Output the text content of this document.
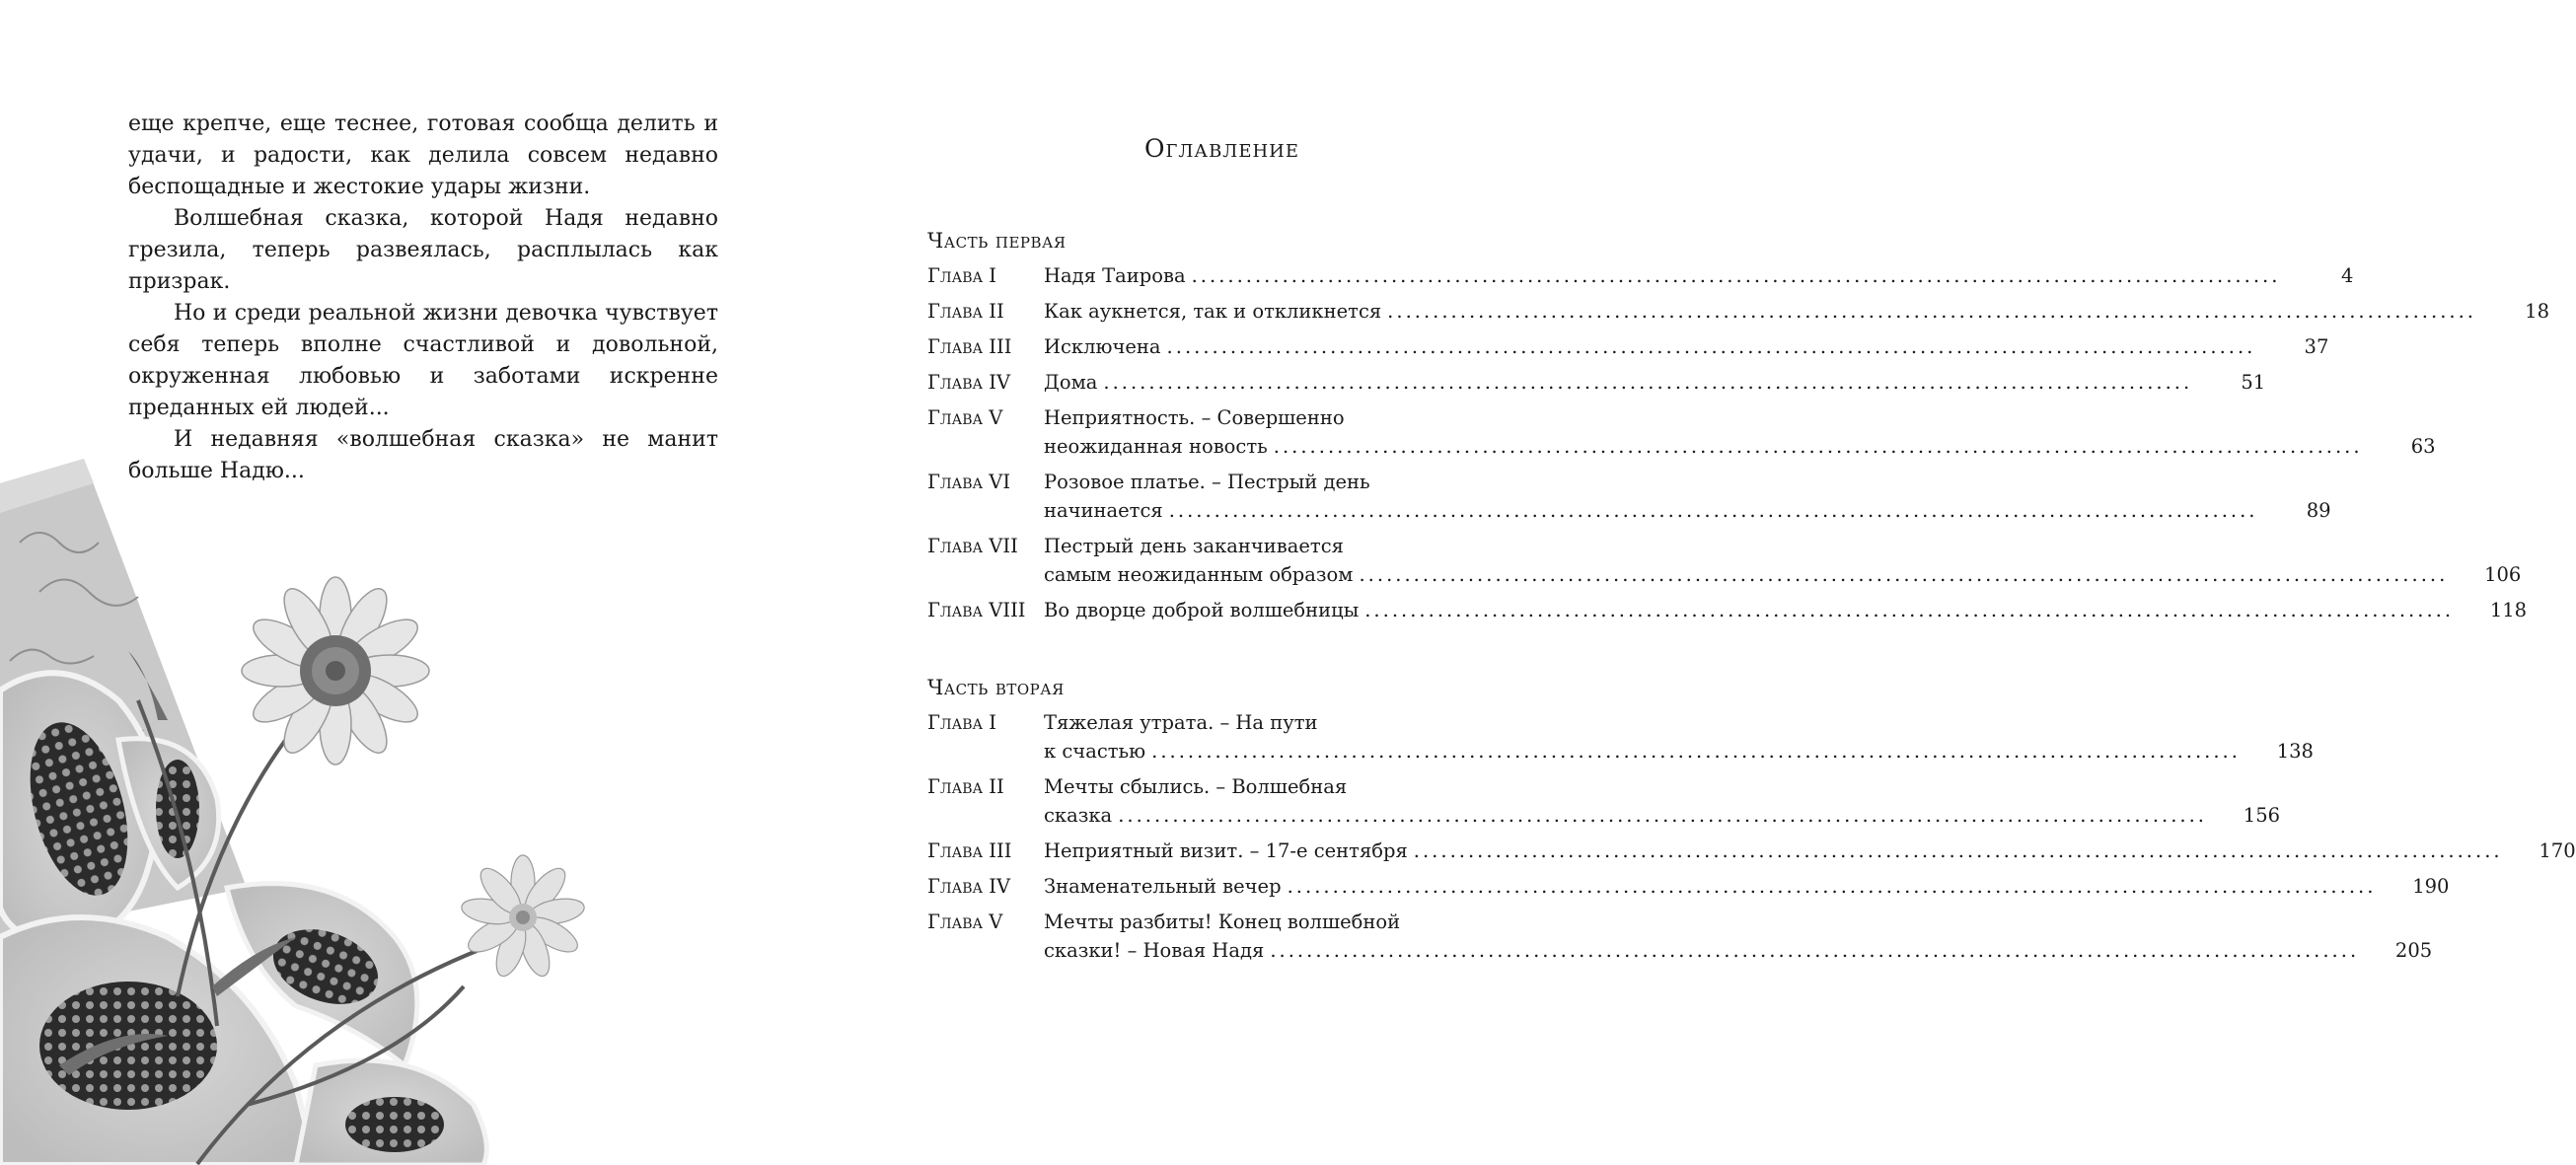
еще крепче, еще теснее, готовая сообща делить и удачи, и радости, как делила совсем недавно беспощадные и жестокие удары жизни.

Волшебная сказка, которой Надя недавно грезила, теперь развеялась, расплылась как призрак.

Но и среди реальной жизни девочка чувствует себя теперь вполне счастливой и довольной, окруженная любовью и заботами искренне преданных ей людей...

И недавняя «волшебная сказка» не манит больше Надю...

Оглавление
Часть первая
Глава I	Надя Таирова ........................................................................................................................	4
Глава II	Как аукнется, так и откликнется ........................................................................................................................	18
Глава III	Исключена ........................................................................................................................	37
Глава IV	Дома ........................................................................................................................	51
Глава V	Неприятность. – Совершенно
неожиданная новость ........................................................................................................................	63
Глава VI	Розовое платье. – Пестрый день
начинается ........................................................................................................................	89
Глава VII	Пестрый день заканчивается
самым неожиданным образом ........................................................................................................................	106
Глава VIII Во дворце доброй волшебницы ........................................................................................................................	118
Часть вторая
Глава I	Тяжелая утрата. – На пути
к счастью ........................................................................................................................	138
Глава II	Мечты сбылись. – Волшебная
сказка ........................................................................................................................	156
Глава III	Неприятный визит. – 17-е сентября ........................................................................................................................	170
Глава IV	Знаменательный вечер ........................................................................................................................	190
Глава V	Мечты разбиты! Конец волшебной
сказки! – Новая Надя ........................................................................................................................	205
